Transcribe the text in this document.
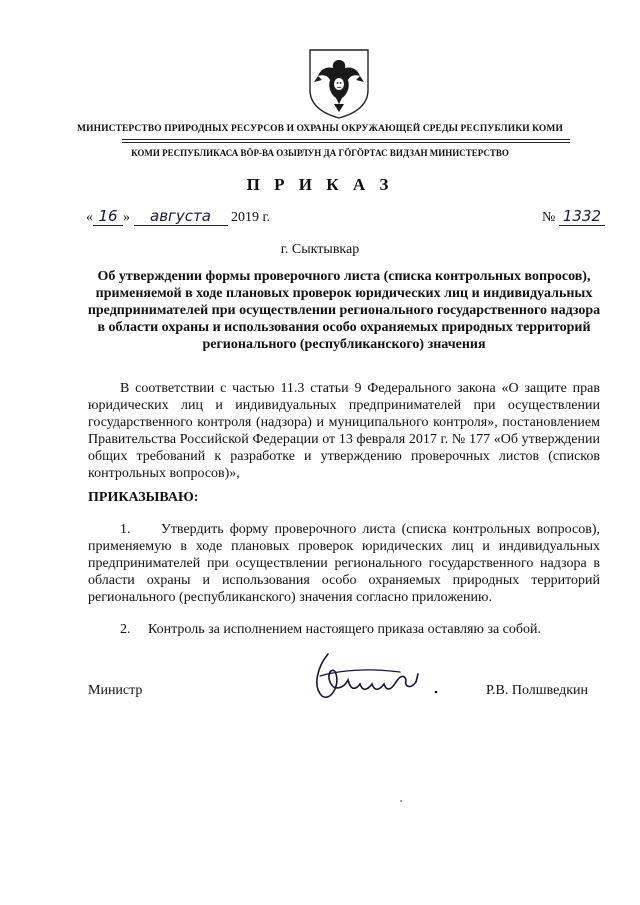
МИНИСТЕРСТВО ПРИРОДНЫХ РЕСУРСОВ И ОХРАНЫ ОКРУЖАЮЩЕЙ СРЕДЫ РЕСПУБЛИКИ КОМИ
КОМИ РЕСПУБЛИКАСА ВӦР-ВА ОЗЫРЛУН ДА ГӦГӦРТАС ВИДЗАН МИНИСТЕРСТВО
П Р И К А З
« 16 » августа 2019 г.	№ 1332
г. Сыктывкар
Об утверждении формы проверочного листа (списка контрольных вопросов), применяемой в ходе плановых проверок юридических лиц и индивидуальных предпринимателей при осуществлении регионального государственного надзора в области охраны и использования особо охраняемых природных территорий регионального (республиканского) значения
В соответствии с частью 11.3 статьи 9 Федерального закона «О защите прав юридических лиц и индивидуальных предпринимателей при осуществлении государственного контроля (надзора) и муниципального контроля», постановлением Правительства Российской Федерации от 13 февраля 2017 г. № 177 «Об утверждении общих требований к разработке и утверждению проверочных листов (списков контрольных вопросов)»,
ПРИКАЗЫВАЮ:
1.     Утвердить форму проверочного листа (списка контрольных вопросов), применяемую в ходе плановых проверок юридических лиц и индивидуальных предпринимателей при осуществлении регионального государственного надзора в области охраны и использования особо охраняемых природных территорий регионального (республиканского) значения согласно приложению.
2.     Контроль за исполнением настоящего приказа оставляю за собой.
Министр	Р.В. Полшведкин
